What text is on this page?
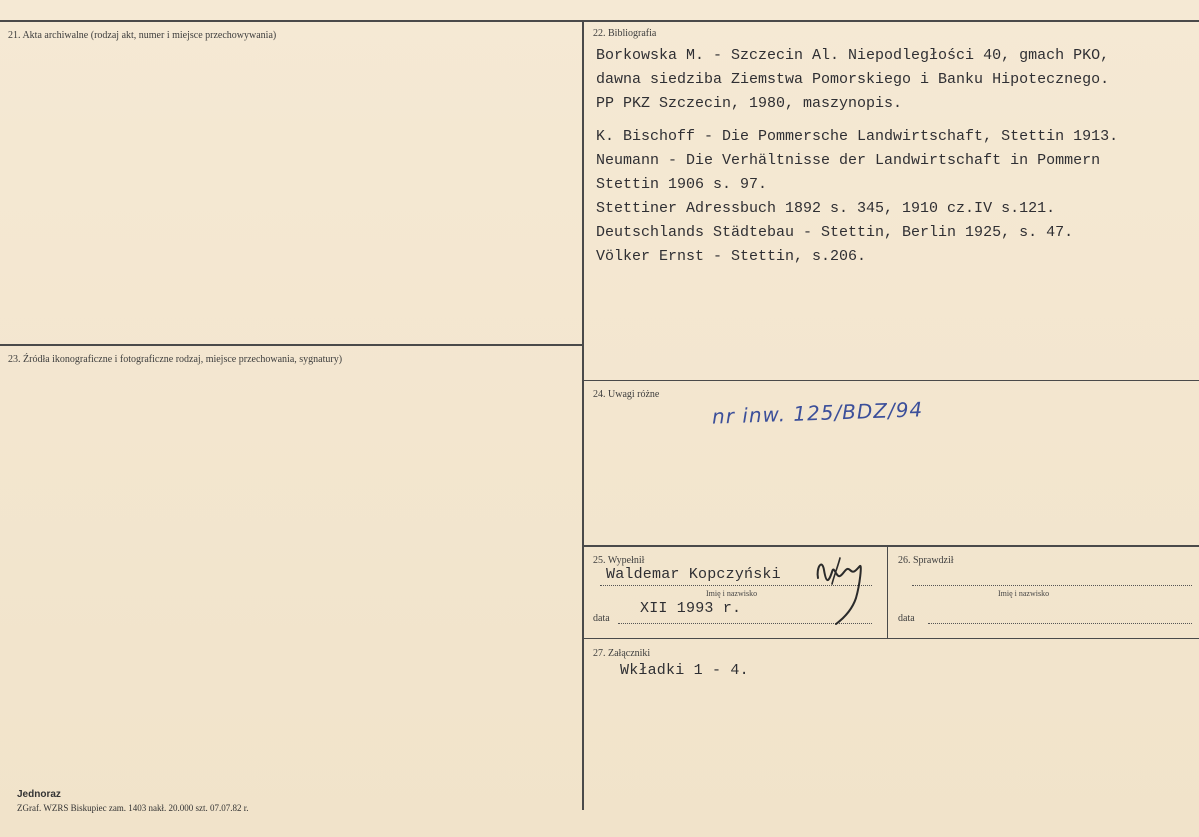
21. Akta archiwalne (rodzaj akt, numer i miejsce przechowywania)	22. Bibliografia
Borkowska M. - Szczecin Al. Niepodległości 40, gmach PKO,
dawna siedziba Ziemstwa Pomorskiego i Banku Hipotecznego.
PP PKZ Szczecin, 1980, maszynopis.
K. Bischoff - Die Pommersche Landwirtschaft, Stettin 1913.
Neumann - Die Verhältnisse der Landwirtschaft in Pommern
Stettin 1906 s. 97.
Stettiner Adressbuch 1892 s. 345, 1910 cz.IV s.121.
Deutschlands Städtebau - Stettin, Berlin 1925, s. 47.
Völker Ernst - Stettin, s.206.
23. Źródła ikonograficzne i fotograficzne rodzaj, miejsce przechowania, sygnatury)
24. Uwagi różne
nr inw. 125/BDZ/94
25. Wypełnił
Waldemar Kopczyński
Imię i nazwisko
data
XII 1993 r.
26. Sprawdził
Imię i nazwisko
data
27. Załączniki
Wkładki 1 - 4.
Jednoraz
ZGraf. WZRS Biskupiec zam. 1403 nakł. 20.000 szt. 07.07.82 r.
